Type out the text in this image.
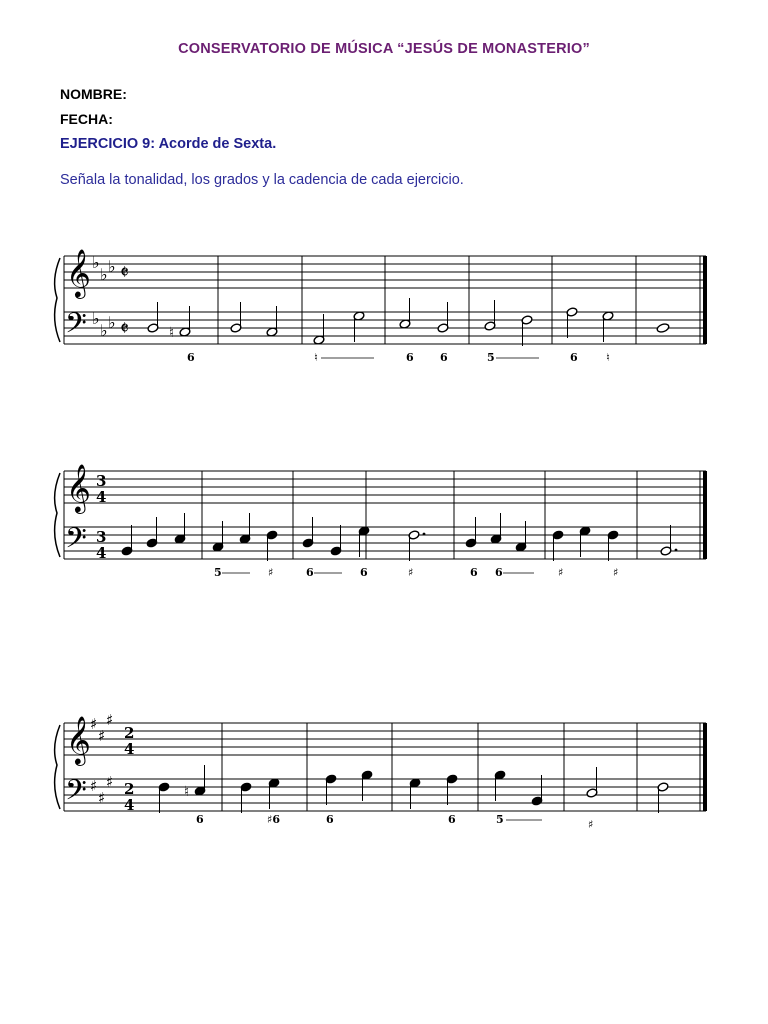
CONSERVATORIO DE MÚSICA “JESÚS DE MONASTERIO”
NOMBRE:
FECHA:
EJERCICIO 9: Acorde de Sexta.
Señala la tonalidad, los grados y la cadencia de cada ejercicio.
𝄞
𝄢
♭
♭ ♭
♭
♭ ♭
𝄵
𝄵	♮
6	♮	6 6	5	6	♮
𝄞
𝄢
3
4
3
4
5	♯	6	6	♯	6 6	♯	♯
𝄞
𝄢
♯
♯
♯
♯
♯
♯
2
4
2
4
♮
6	♯6	6	6	5	♯
